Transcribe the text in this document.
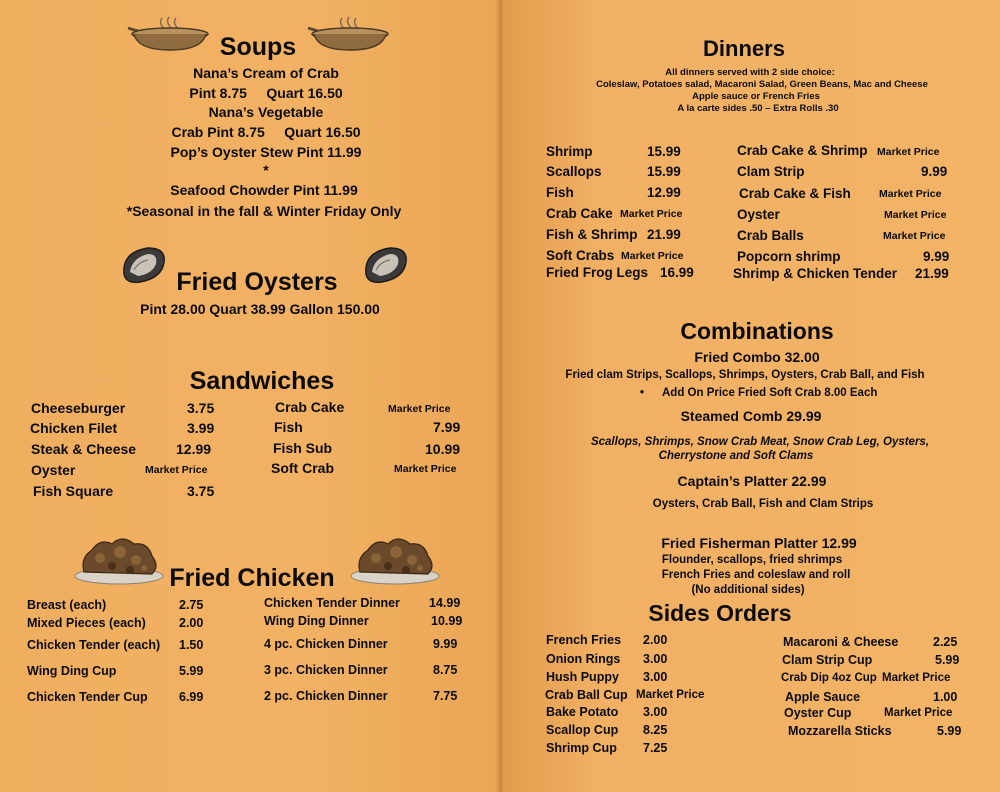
Soups
Nana’s Cream of Crab
Pint 8.75     Quart 16.50
Nana’s Vegetable
Crab Pint 8.75     Quart 16.50
Pop’s Oyster Stew Pint 11.99
*
Seafood Chowder Pint 11.99
*Seasonal in the fall & Winter Friday Only
Fried Oysters
Pint 28.00 Quart 38.99 Gallon 150.00
Sandwiches
Cheeseburger	3.75
Chicken Filet	3.99
Steak & Cheese	12.99
Oyster	Market Price
Fish Square	3.75
Crab Cake	Market Price
Fish	7.99
Fish Sub	10.99
Soft Crab	Market Price
Fried Chicken
Breast (each)	2.75
Mixed Pieces (each)	2.00
Chicken Tender (each) 1.50
Wing Ding Cup	5.99
Chicken Tender Cup	6.99
Chicken Tender Dinner 14.99
Wing Ding Dinner	10.99
4 pc. Chicken Dinner	9.99
3 pc. Chicken Dinner	8.75
2 pc. Chicken Dinner	7.75
Dinners
All dinners served with 2 side choice:
Coleslaw, Potatoes salad, Macaroni Salad, Green Beans, Mac and Cheese
Apple sauce or French Fries
A la carte sides .50 – Extra Rolls .30
Shrimp	15.99
Scallops	15.99
Fish	12.99
Crab Cake Market Price
Fish & Shrimp 21.99
Soft Crabs Market Price
Fried Frog Legs 16.99
Crab Cake & Shrimp Market Price
Clam Strip	9.99
Crab Cake & Fish	Market Price
Oyster	Market Price
Crab Balls	Market Price
Popcorn shrimp	9.99
Shrimp & Chicken Tender 21.99
Combinations
Fried Combo 32.00
Fried clam Strips, Scallops, Shrimps, Oysters, Crab Ball, and Fish
• Add On Price Fried Soft Crab 8.00 Each
Steamed Comb 29.99
Scallops, Shrimps, Snow Crab Meat, Snow Crab Leg, Oysters,
Cherrystone and Soft Clams
Captain’s Platter 22.99
Oysters, Crab Ball, Fish and Clam Strips
Fried Fisherman Platter 12.99
Flounder, scallops, fried shrimps
French Fries and coleslaw and roll
(No additional sides)
Sides Orders
French Fries 2.00
Onion Rings 3.00
Hush Puppy 3.00
Crab Ball Cup Market Price
Bake Potato 3.00
Scallop Cup 8.25
Shrimp Cup 7.25
Macaroni & Cheese	2.25
Clam Strip Cup	5.99
Crab Dip 4oz Cup Market Price
Apple Sauce	1.00
Oyster Cup	Market Price
Mozzarella Sticks	5.99
